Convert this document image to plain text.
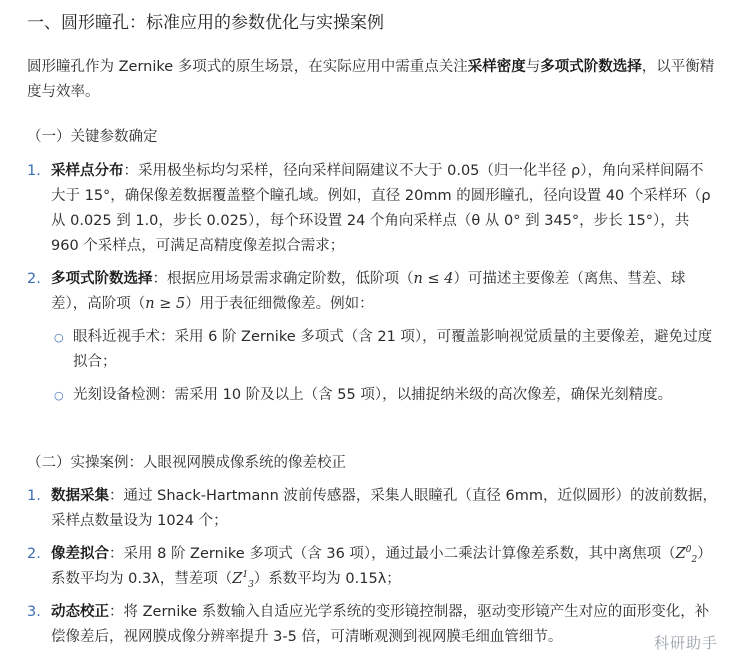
一、圆形瞳孔：标准应用的参数优化与实操案例
圆形瞳孔作为 Zernike 多项式的原生场景，在实际应用中需重点关注采样密度与多项式阶数选择，以平衡精度与效率。
（一）关键参数确定
1. 采样点分布：采用极坐标均匀采样，径向采样间隔建议不大于 0.05（归一化半径 ρ），角向采样间隔不大于 15°，确保像差数据覆盖整个瞳孔域。例如，直径 20mm 的圆形瞳孔，径向设置 40 个采样环（ρ 从 0.025 到 1.0，步长 0.025），每个环设置 24 个角向采样点（θ 从 0° 到 345°，步长 15°），共 960 个采样点，可满足高精度像差拟合需求；
2. 多项式阶数选择：根据应用场景需求确定阶数，低阶项（n ≤ 4）可描述主要像差（离焦、彗差、球差），高阶项（n ≥ 5）用于表征细微像差。例如：
○ 眼科近视手术：采用 6 阶 Zernike 多项式（含 21 项），可覆盖影响视觉质量的主要像差，避免过度拟合；
○ 光刻设备检测：需采用 10 阶及以上（含 55 项），以捕捉纳米级的高次像差，确保光刻精度。
（二）实操案例：人眼视网膜成像系统的像差校正
1. 数据采集：通过 Shack-Hartmann 波前传感器，采集人眼瞳孔（直径 6mm，近似圆形）的波前数据，采样点数量设为 1024 个；
2. 像差拟合：采用 8 阶 Zernike 多项式（含 36 项），通过最小二乘法计算像差系数，其中离焦项$(Z^0_2)$系数平均为 0.3λ，彗差项$(Z^1_3)$系数平均为 0.15λ；
3. 动态校正：将 Zernike 系数输入自适应光学系统的变形镜控制器，驱动变形镜产生对应的面形变化，补偿像差后，视网膜成像分辨率提升 3-5 倍，可清晰观测到视网膜毛细血管细节。	科研助手
